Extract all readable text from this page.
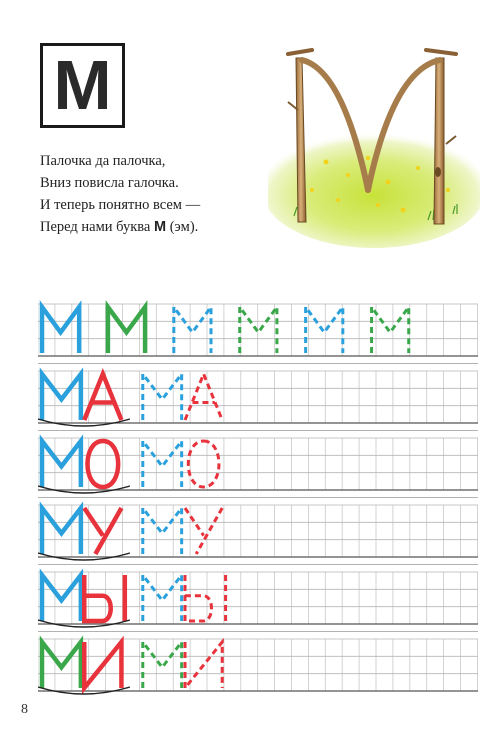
М
Палочка да палочка,
Вниз повисла галочка.
И теперь понятно всем —
Перед нами буква М (эм).
8
